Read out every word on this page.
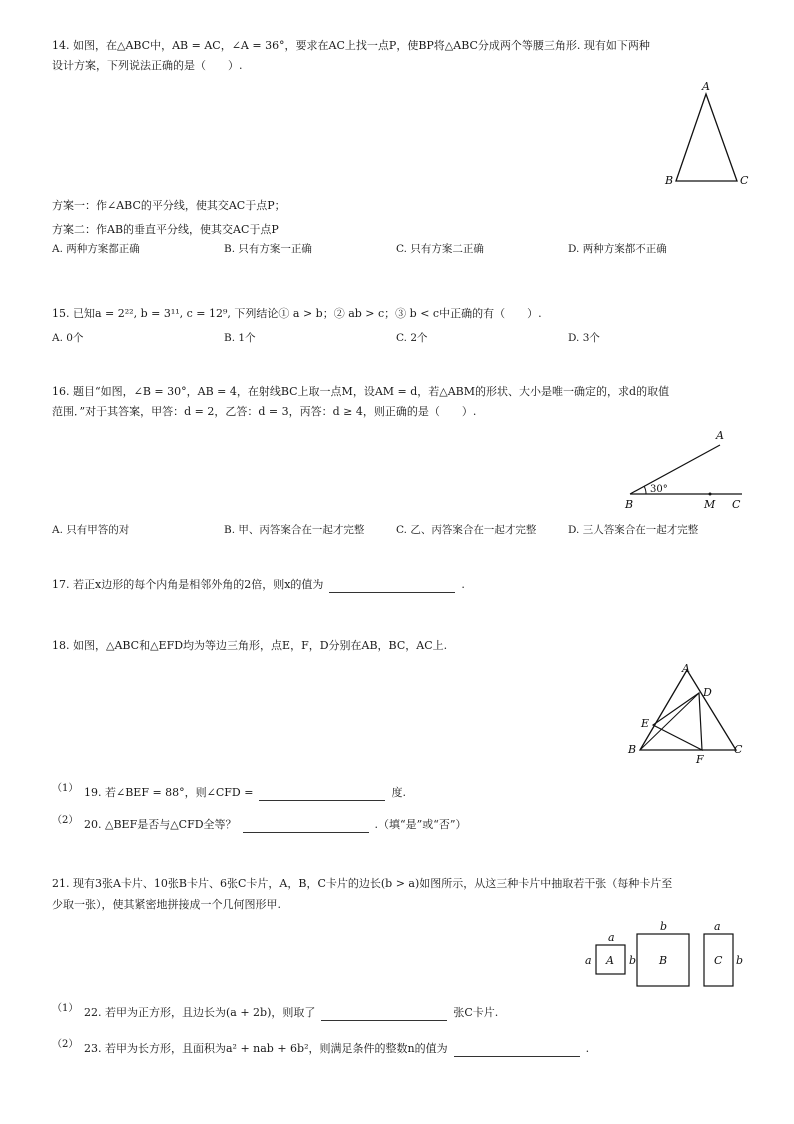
14. 如图，在△ABC中，AB = AC，∠A = 36°，要求在AC上找一点P，使BP将△ABC分成两个等腰三角形. 现有如下两种
设计方案，下列说法正确的是（　　）.
A
B	C
方案一：作∠ABC的平分线，使其交AC于点P；
方案二：作AB的垂直平分线，使其交AC于点P
A. 两种方案都正确	B. 只有方案一正确	C. 只有方案二正确	D. 两种方案都不正确
15. 已知a = 2²², b = 3¹¹, c = 12⁹, 下列结论① a > b；② ab > c；③ b < c中正确的有（　　）.
A. 0个	B. 1个	C. 2个	D. 3个
16. 题目“如图，∠B = 30°，AB = 4，在射线BC上取一点M，设AM = d，若△ABM的形状、大小是唯一确定的，求d的取值
范围．”对于其答案，甲答：d = 2，乙答：d = 3，丙答：d ≥ 4，则正确的是（　　）.
A
B	M C
30°
A. 只有甲答的对	B. 甲、丙答案合在一起才完整	C. 乙、丙答案合在一起才完整	D. 三人答案合在一起才完整
17. 若正x边形的每个内角是相邻外角的2倍，则x的值为	.
18. 如图，△ABC和△EFD均为等边三角形，点E，F，D分别在AB，BC，AC上.
A
D
E
B
F
C
（1） 19. 若∠BEF = 88°，则∠CFD =	度.
（2） 20. △BEF是否与△CFD全等？	.（填“是”或“否”）
21. 现有3张A卡片、10张B卡片、6张C卡片，A，B，C卡片的边长(b > a)如图所示，从这三种卡片中抽取若干张（每种卡片至
少取一张），使其紧密地拼接成一个几何图形甲.
A
a
a	b B
b
C
a
b
（1） 22. 若甲为正方形，且边长为(a + 2b)，则取了	张C卡片.
（2） 23. 若甲为长方形，且面积为a² + nab + 6b²，则满足条件的整数n的值为	.
